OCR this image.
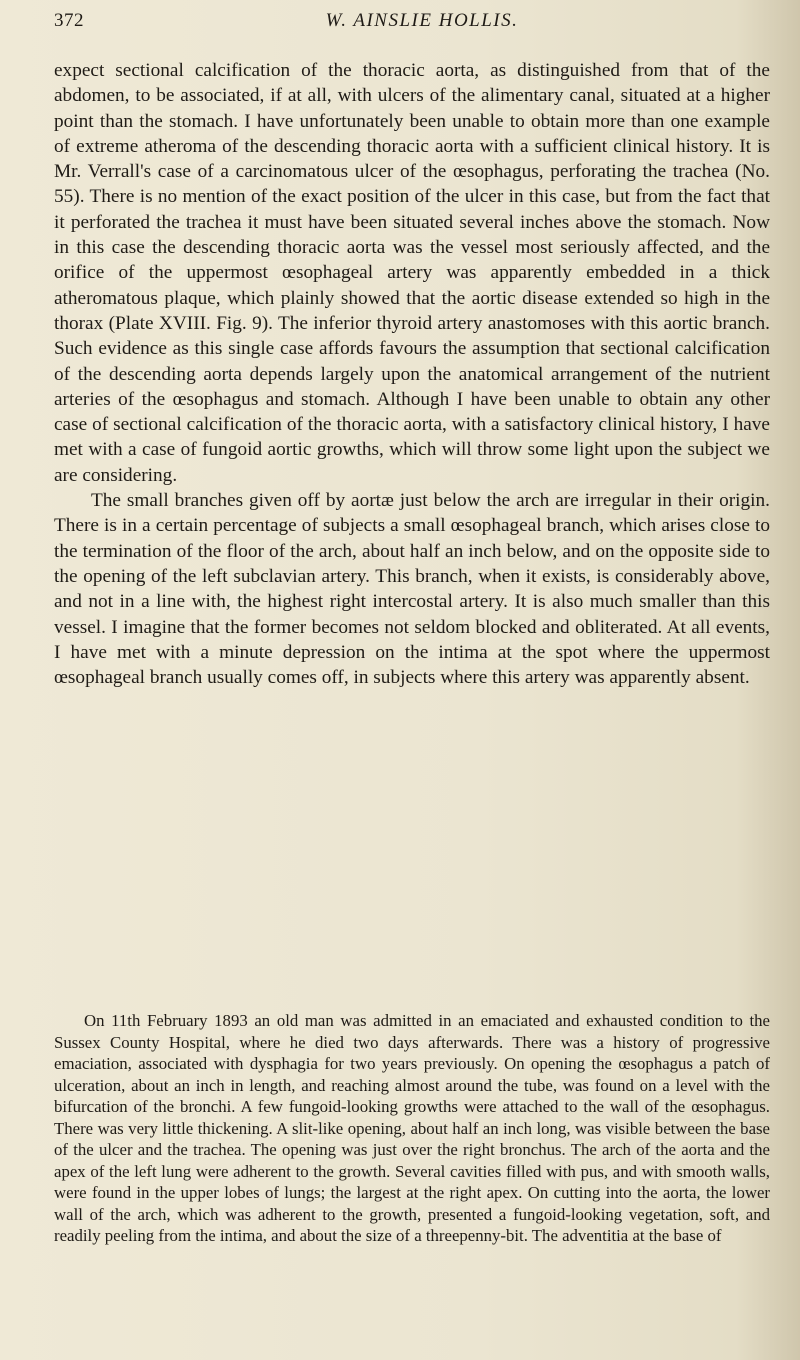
372	W. AINSLIE HOLLIS.

expect sectional calcification of the thoracic aorta, as distinguished from that of the abdomen, to be associated, if at all, with ulcers of the alimentary canal, situated at a higher point than the stomach. I have unfortunately been unable to obtain more than one example of extreme atheroma of the descending thoracic aorta with a sufficient clinical history. It is Mr. Verrall's case of a carcinomatous ulcer of the œsophagus, perforating the trachea (No. 55). There is no mention of the exact position of the ulcer in this case, but from the fact that it perforated the trachea it must have been situated several inches above the stomach. Now in this case the descending thoracic aorta was the vessel most seriously affected, and the orifice of the uppermost œsophageal artery was apparently embedded in a thick atheromatous plaque, which plainly showed that the aortic disease extended so high in the thorax (Plate XVIII. Fig. 9). The inferior thyroid artery anastomoses with this aortic branch. Such evidence as this single case affords favours the assumption that sectional calcification of the descending aorta depends largely upon the anatomical arrangement of the nutrient arteries of the œsophagus and stomach. Although I have been unable to obtain any other case of sectional calcification of the thoracic aorta, with a satisfactory clinical history, I have met with a case of fungoid aortic growths, which will throw some light upon the subject we are considering.

The small branches given off by aortæ just below the arch are irregular in their origin. There is in a certain percentage of subjects a small œsophageal branch, which arises close to the termination of the floor of the arch, about half an inch below, and on the opposite side to the opening of the left subclavian artery. This branch, when it exists, is considerably above, and not in a line with, the highest right intercostal artery. It is also much smaller than this vessel. I imagine that the former becomes not seldom blocked and obliterated. At all events, I have met with a minute depression on the intima at the spot where the uppermost œsophageal branch usually comes off, in subjects where this artery was apparently absent.

On 11th February 1893 an old man was admitted in an emaciated and exhausted condition to the Sussex County Hospital, where he died two days afterwards. There was a history of progressive emaciation, associated with dysphagia for two years previously. On opening the œsophagus a patch of ulceration, about an inch in length, and reaching almost around the tube, was found on a level with the bifurcation of the bronchi. A few fungoid-looking growths were attached to the wall of the œsophagus. There was very little thickening. A slit-like opening, about half an inch long, was visible between the base of the ulcer and the trachea. The opening was just over the right bronchus. The arch of the aorta and the apex of the left lung were adherent to the growth. Several cavities filled with pus, and with smooth walls, were found in the upper lobes of lungs; the largest at the right apex. On cutting into the aorta, the lower wall of the arch, which was adherent to the growth, presented a fungoid-looking vegetation, soft, and readily peeling from the intima, and about the size of a threepenny-bit. The adventitia at the base of
